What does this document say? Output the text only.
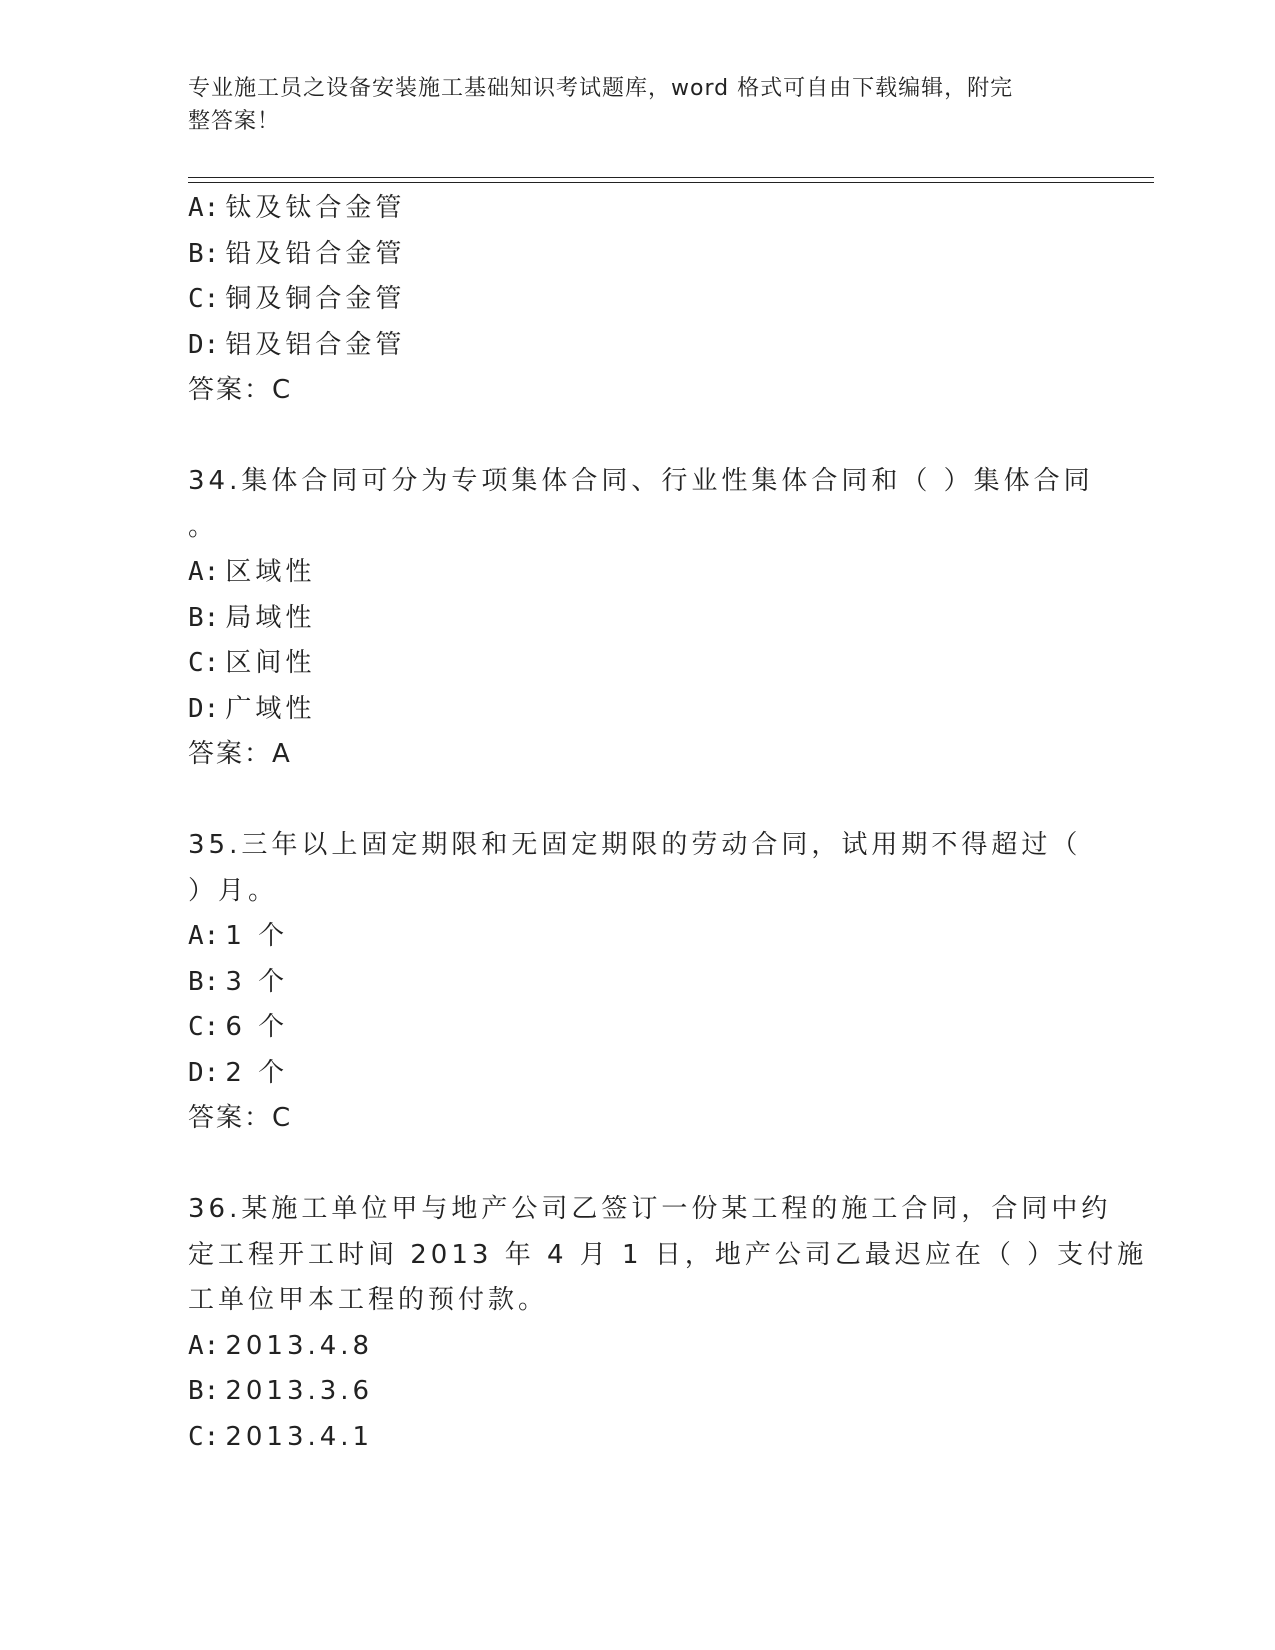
专业施工员之设备安装施工基础知识考试题库，word 格式可自由下载编辑，附完
整答案！
A: 钛及钛合金管
B: 铅及铅合金管
C: 铜及铜合金管
D: 铝及铝合金管
答案：C
34.集体合同可分为专项集体合同、行业性集体合同和（ ）集体合同
。
A: 区域性
B: 局域性
C: 区间性
D: 广域性
答案：A
35.三年以上固定期限和无固定期限的劳动合同，试用期不得超过（
）月。
A: 1 个
B: 3 个
C: 6 个
D: 2 个
答案：C
36.某施工单位甲与地产公司乙签订一份某工程的施工合同，合同中约
定工程开工时间 2013 年 4 月 1 日，地产公司乙最迟应在（ ）支付施
工单位甲本工程的预付款。
A: 2013.4.8
B: 2013.3.6
C: 2013.4.1
